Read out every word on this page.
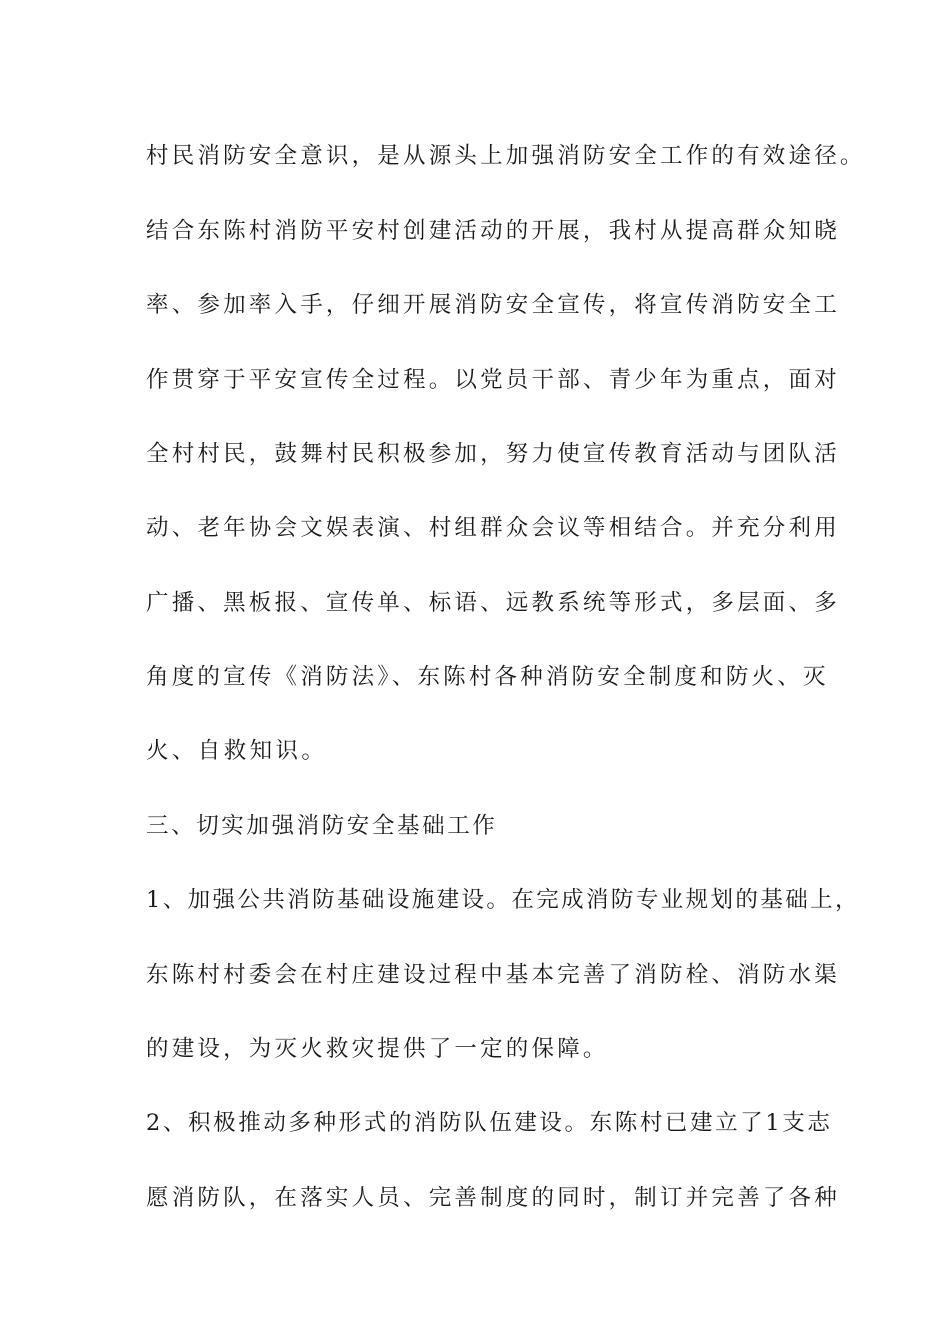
村民消防安全意识，是从源头上加强消防安全工作的有效途径。
结合东陈村消防平安村创建活动的开展，我村从提高群众知晓
率、参加率入手，仔细开展消防安全宣传，将宣传消防安全工
作贯穿于平安宣传全过程。以党员干部、青少年为重点，面对
全村村民，鼓舞村民积极参加，努力使宣传教育活动与团队活
动、老年协会文娱表演、村组群众会议等相结合。并充分利用
广播、黑板报、宣传单、标语、远教系统等形式，多层面、多
角度的宣传《消防法》、东陈村各种消防安全制度和防火、灭
火、自救知识。
三、切实加强消防安全基础工作
1、加强公共消防基础设施建设。在完成消防专业规划的基础上，
东陈村村委会在村庄建设过程中基本完善了消防栓、消防水渠
的建设，为灭火救灾提供了一定的保障。
2、积极推动多种形式的消防队伍建设。东陈村已建立了1支志
愿消防队，在落实人员、完善制度的同时，制订并完善了各种
